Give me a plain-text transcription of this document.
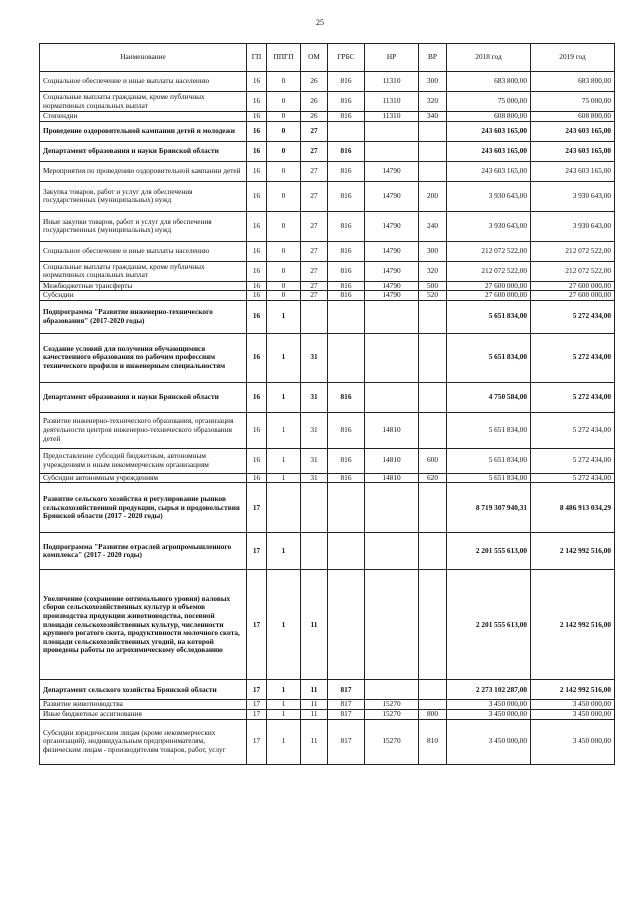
25
Наименование	ГП	ППГП	ОМ	ГРБС	НР	ВР	2018 год	2019 год
Социальное обеспечение и иные выплаты населению	16	0	26	816	11310	300	683 800,00	683 800,00
Социальные выплаты гражданам, кроме публичных нормативных социальных выплат	16	0	26	816	11310	320	75 000,00	75 000,00
Стипендии	16	0	26	816	11310	340	608 800,00	608 800,00
Проведение оздоровительной кампании детей и молодежи	16	0	27				243 603 165,00	243 603 165,00
Департамент образования и науки Брянской области	16	0	27	816			243 603 165,00	243 603 165,00
Мероприятия по проведению оздоровительной кампании детей	16	0	27	816	14790		243 603 165,00	243 603 165,00
Закупка товаров, работ и услуг для обеспечения государственных (муниципальных) нужд	16	0	27	816	14790	200	3 930 643,00	3 930 643,00
Иные закупки товаров, работ и услуг для обеспечения государственных (муниципальных) нужд	16	0	27	816	14790	240	3 930 643,00	3 930 643,00
Социальное обеспечение и иные выплаты населению	16	0	27	816	14790	300	212 072 522,00	212 072 522,00
Социальные выплаты гражданам, кроме публичных нормативных социальных выплат	16	0	27	816	14790	320	212 072 522,00	212 072 522,00
Межбюджетные трансферты	16	0	27	816	14790	500	27 600 000,00	27 600 000,00
Субсидии	16	0	27	816	14790	520	27 600 000,00	27 600 000,00
Подпрограмма "Развитие инженерно-технического образования" (2017-2020 годы)	16	1					5 651 834,00	5 272 434,00
Создание условий для получения обучающимися качественного образования по рабочим профессиям технического профиля и инженерным специальностям	16	1	31				5 651 834,00	5 272 434,00
Департамент образования и науки Брянской области	16	1	31	816			4 750 584,00	5 272 434,00
Развитие инженерно-технического образования, организация деятельности центров инженерно-технического образования детей	16	1	31	816	14810		5 651 834,00	5 272 434,00
Предоставление субсидий бюджетным, автономным учреждениям и иным некоммерческим организациям	16	1	31	816	14810	600	5 651 834,00	5 272 434,00
Субсидии автономным учреждениям	16	1	31	816	14810	620	5 651 834,00	5 272 434,00
Развитие сельского хозяйства и регулирование рынков сельскохозяйственной продукции, сырья и продовольствия Брянской области (2017 - 2020 годы)	17						8 719 307 940,31	8 486 913 034,29
Подпрограмма "Развитие отраслей агропромышленного комплекса" (2017 - 2020 годы)	17	1					2 201 555 613,00	2 142 992 516,00
Увеличение (сохранение оптимального уровня) валовых сборов сельскохозяйственных культур и объемов производства продукции животноводства, посевной площади сельскохозяйственных культур, численности крупного рогатого скота, продуктивности молочного скота, площади сельскохозяйственных угодий, на которой проведены работы по агрохимическому обследованию	17	1	11				2 201 555 613,00	2 142 992 516,00
Департамент сельского хозяйства Брянской области	17	1	11	817			2 273 102 287,00	2 142 992 516,00
Развитие животноводства	17	1	11	817	15270		3 450 000,00	3 450 000,00
Иные бюджетные ассигнования	17	1	11	817	15270	800	3 450 000,00	3 450 000,00
Субсидии юридическим лицам (кроме некоммерческих организаций), индивидуальным предпринимателям, физическим лицам - производителям товаров, работ, услуг	17	1	11	817	15270	810	3 450 000,00	3 450 000,00
